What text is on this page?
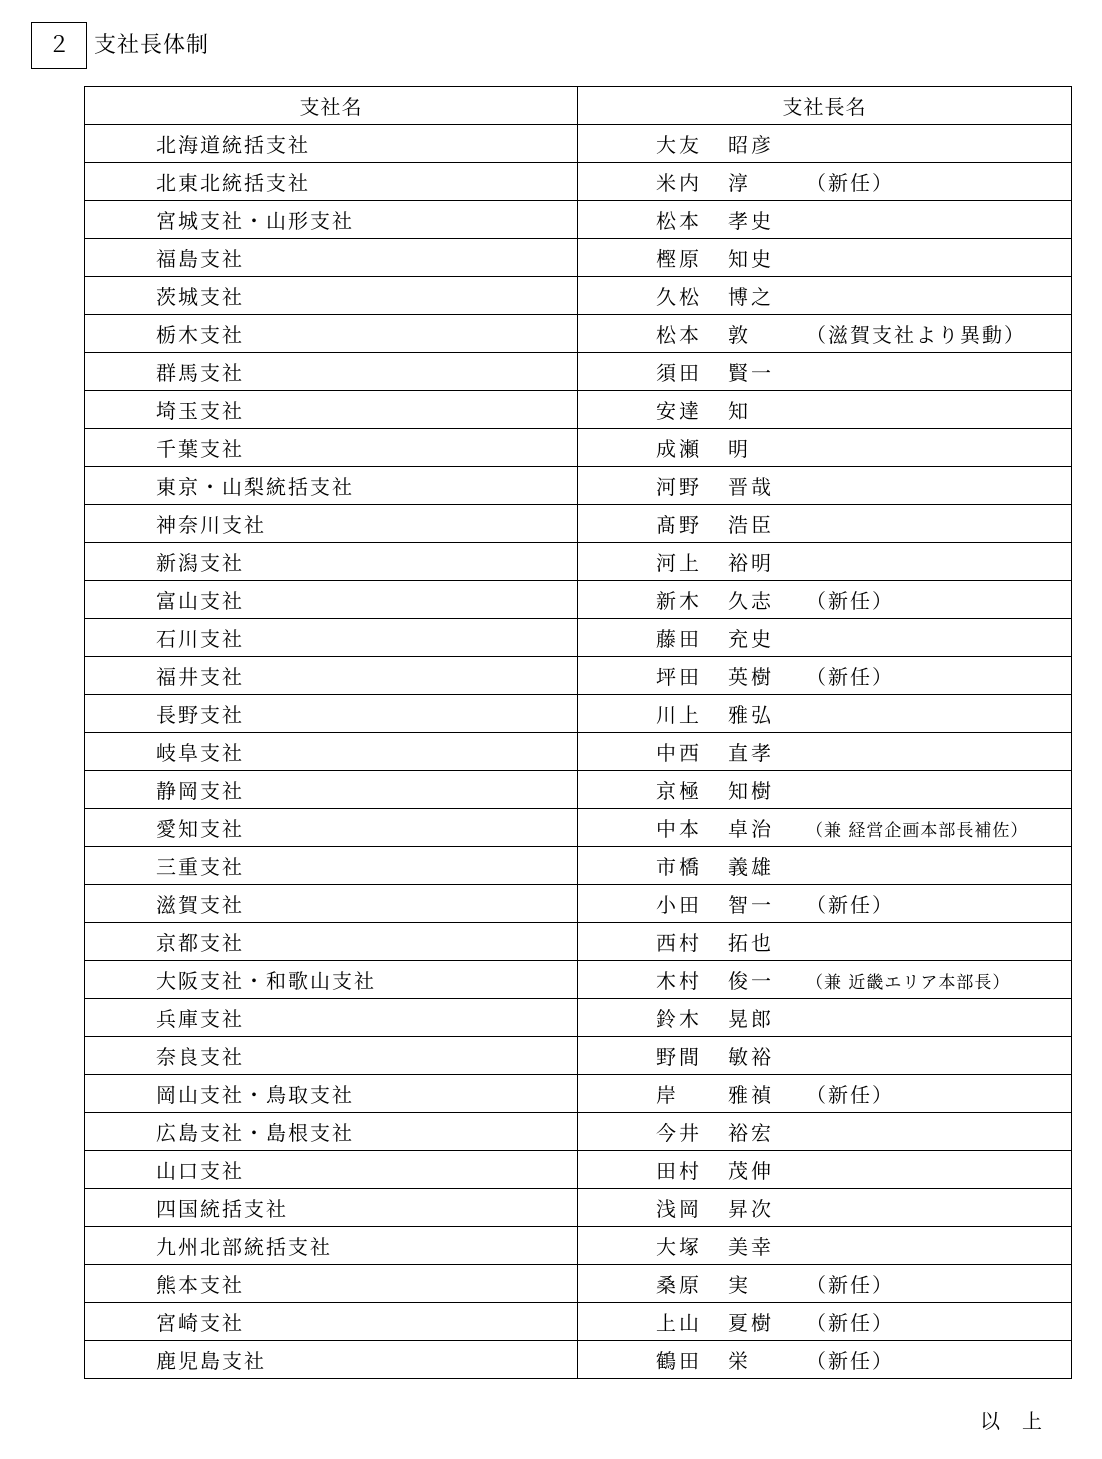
２	支社長体制
支社名	支社長名
北海道統括支社	大友 昭彦
北東北統括支社	米内 淳 （新任）
宮城支社・山形支社	松本 孝史
福島支社	樫原 知史
茨城支社	久松 博之
栃木支社	松本 敦 （滋賀支社より異動）
群馬支社	須田 賢一
埼玉支社	安達 知
千葉支社	成瀬 明
東京・山梨統括支社	河野 晋哉
神奈川支社	髙野 浩臣
新潟支社	河上 裕明
富山支社	新木 久志 （新任）
石川支社	藤田 充史
福井支社	坪田 英樹 （新任）
長野支社	川上 雅弘
岐阜支社	中西 直孝
静岡支社	京極 知樹
愛知支社	中本 卓治 （兼 経営企画本部長補佐）
三重支社	市橋 義雄
滋賀支社	小田 智一 （新任）
京都支社	西村 拓也
大阪支社・和歌山支社	木村 俊一 （兼 近畿エリア本部長）
兵庫支社	鈴木 晃郎
奈良支社	野間 敏裕
岡山支社・鳥取支社	岸 雅禎 （新任）
広島支社・島根支社	今井 裕宏
山口支社	田村 茂伸
四国統括支社	浅岡 昇次
九州北部統括支社	大塚 美幸
熊本支社	桑原 実 （新任）
宮崎支社	上山 夏樹 （新任）
鹿児島支社	鶴田 栄 （新任）
以上
